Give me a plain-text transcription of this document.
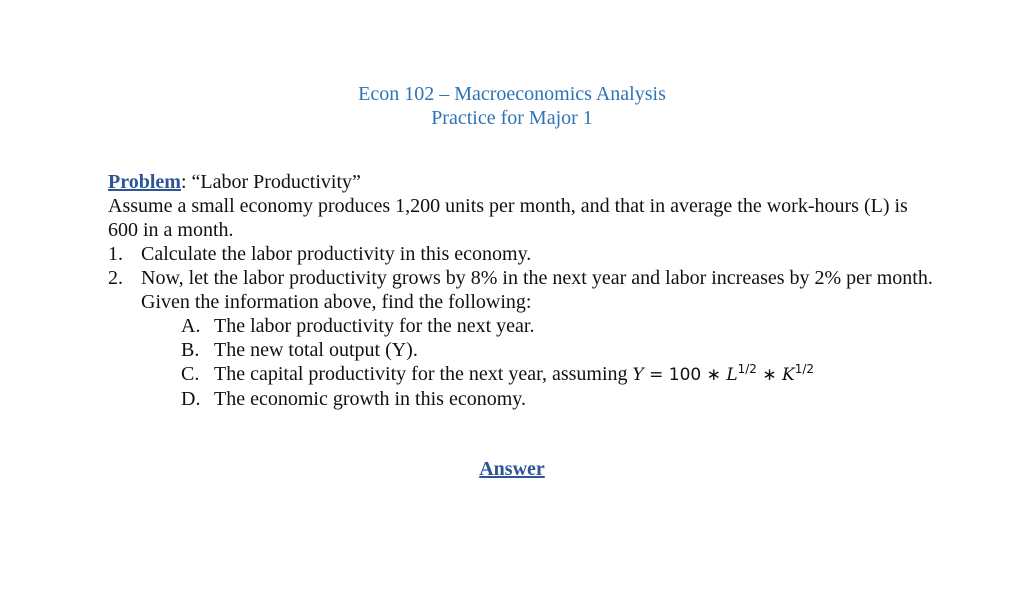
Econ 102 – Macroeconomics Analysis
Practice for Major 1
Problem: “Labor Productivity”
Assume a small economy produces 1,200 units per month, and that in average the work-hours (L) is 600 in a month.
1. Calculate the labor productivity in this economy.
2. Now, let the labor productivity grows by 8% in the next year and labor increases by 2% per month.
Given the information above, find the following:
A. The labor productivity for the next year.
B. The new total output (Y).
C. The capital productivity for the next year, assuming Y = 100 ∗ $L^{1/2}$ ∗ $K^{1/2}$
D. The economic growth in this economy.
Answer
